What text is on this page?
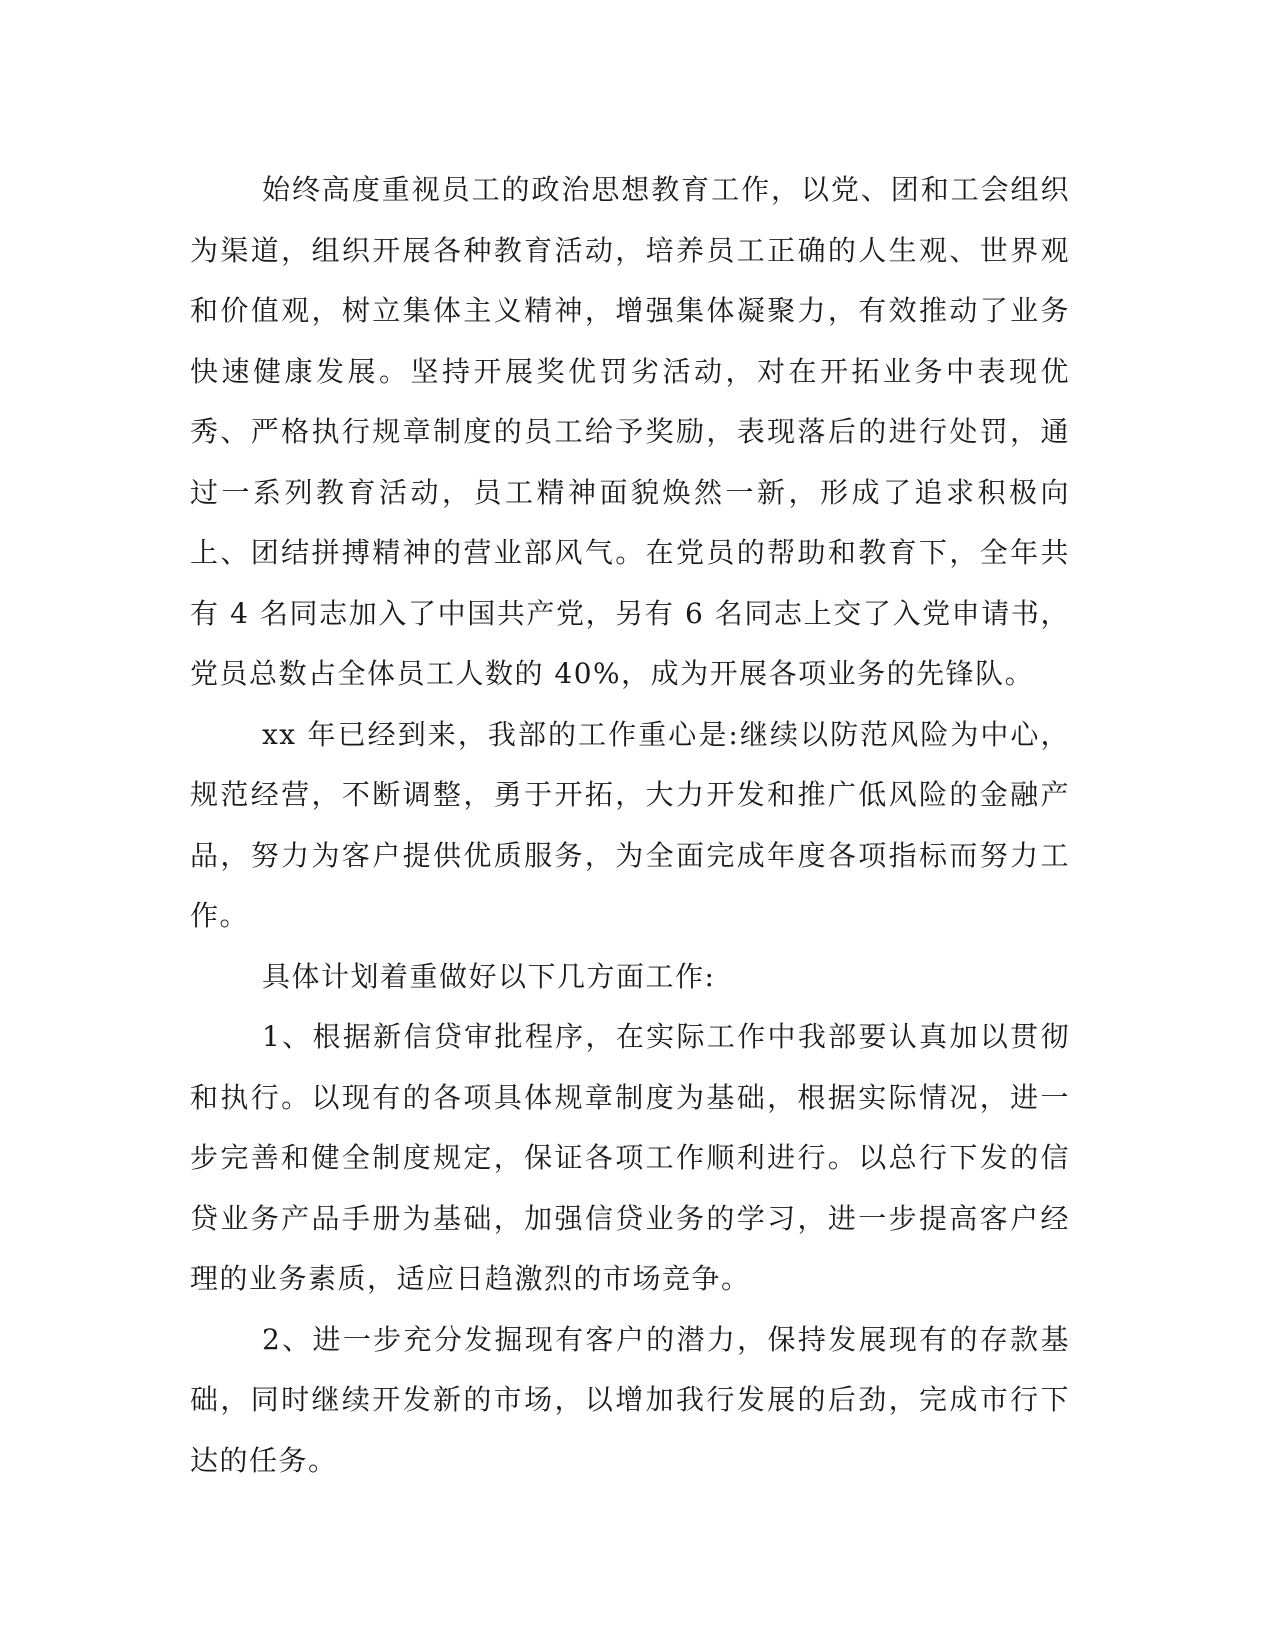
始终高度重视员工的政治思想教育工作，以党、团和工会组织为渠道，组织开展各种教育活动，培养员工正确的人生观、世界观和价值观，树立集体主义精神，增强集体凝聚力，有效推动了业务快速健康发展。坚持开展奖优罚劣活动，对在开拓业务中表现优秀、严格执行规章制度的员工给予奖励，表现落后的进行处罚，通过一系列教育活动，员工精神面貌焕然一新，形成了追求积极向上、团结拼搏精神的营业部风气。在党员的帮助和教育下，全年共有 4 名同志加入了中国共产党，另有 6 名同志上交了入党申请书，党员总数占全体员工人数的 40%，成为开展各项业务的先锋队。

xx 年已经到来，我部的工作重心是:继续以防范风险为中心，规范经营，不断调整，勇于开拓，大力开发和推广低风险的金融产品，努力为客户提供优质服务，为全面完成年度各项指标而努力工作。

具体计划着重做好以下几方面工作:

1、根据新信贷审批程序，在实际工作中我部要认真加以贯彻和执行。以现有的各项具体规章制度为基础，根据实际情况，进一步完善和健全制度规定，保证各项工作顺利进行。以总行下发的信贷业务产品手册为基础，加强信贷业务的学习，进一步提高客户经理的业务素质，适应日趋激烈的市场竞争。

2、进一步充分发掘现有客户的潜力，保持发展现有的存款基础，同时继续开发新的市场，以增加我行发展的后劲，完成市行下达的任务。
